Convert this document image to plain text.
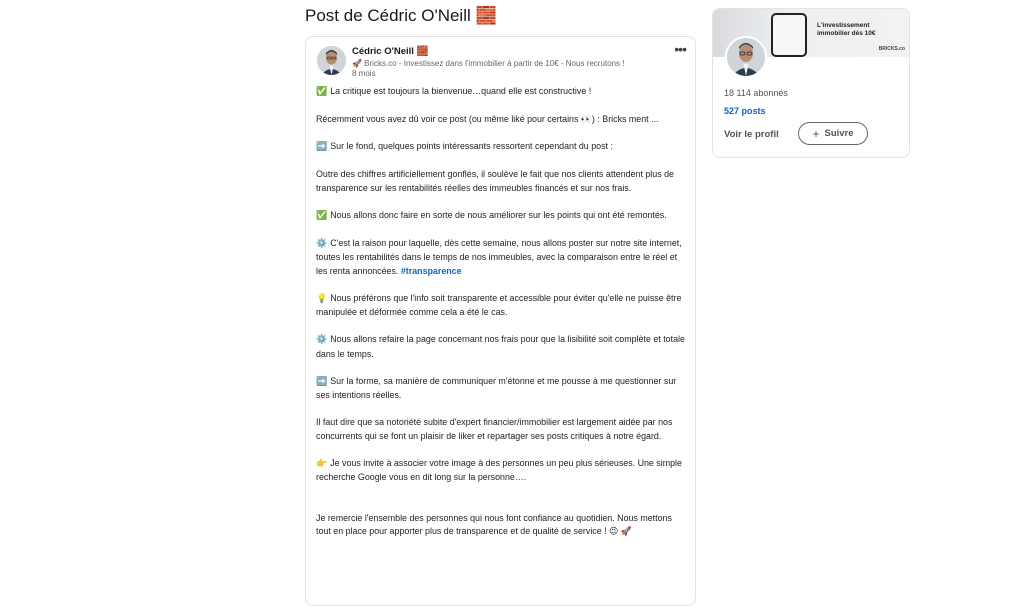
Post de Cédric O'Neill 🧱
Cédric O'Neill 🧱
🚀 Bricks.co - Investissez dans l'immobilier à partir de 10€ - Nous recrutons !
8 mois
•••

✅ La critique est toujours la bienvenue…quand elle est constructive !

Récemment vous avez dû voir ce post (ou même liké pour certains 👀) : Bricks ment ...

➡️ Sur le fond, quelques points intéressants ressortent cependant du post :

Outre des chiffres artificiellement gonflés, il soulève le fait que nos clients attendent plus de transparence sur les rentabilités réelles des immeubles financés et sur nos frais.

✅ Nous allons donc faire en sorte de nous améliorer sur les points qui ont été remontés.

⚙️ C'est la raison pour laquelle, dès cette semaine, nous allons poster sur notre site internet, toutes les rentabilités dans le temps de nos immeubles, avec la comparaison entre le réel et les renta annoncées. #transparence

💡 Nous préférons que l'info soit transparente et accessible pour éviter qu'elle ne puisse être manipulée et déformée comme cela a été le cas.

⚙️ Nous allons refaire la page concernant nos frais pour que la lisibilité soit complète et totale dans le temps.

➡️ Sur la forme, sa manière de communiquer m'étonne et me pousse à me questionner sur ses intentions réelles.

Il faut dire que sa notoriété subite d'expert financier/immobilier est largement aidée par nos concurrents qui se font un plaisir de liker et repartager ses posts critiques à notre égard.

👉 Je vous invite à associer votre image à des personnes un peu plus sérieuses. Une simple recherche Google vous en dit long sur la personne….

Je remercie l'ensemble des personnes qui nous font confiance au quotidien. Nous mettons tout en place pour apporter plus de transparence et de qualité de service ! 😉 🚀

L'investissement immobilier dès 10€
BRICKS.co
18 114 abonnés
527 posts
Voir le profil	+ Suivre
